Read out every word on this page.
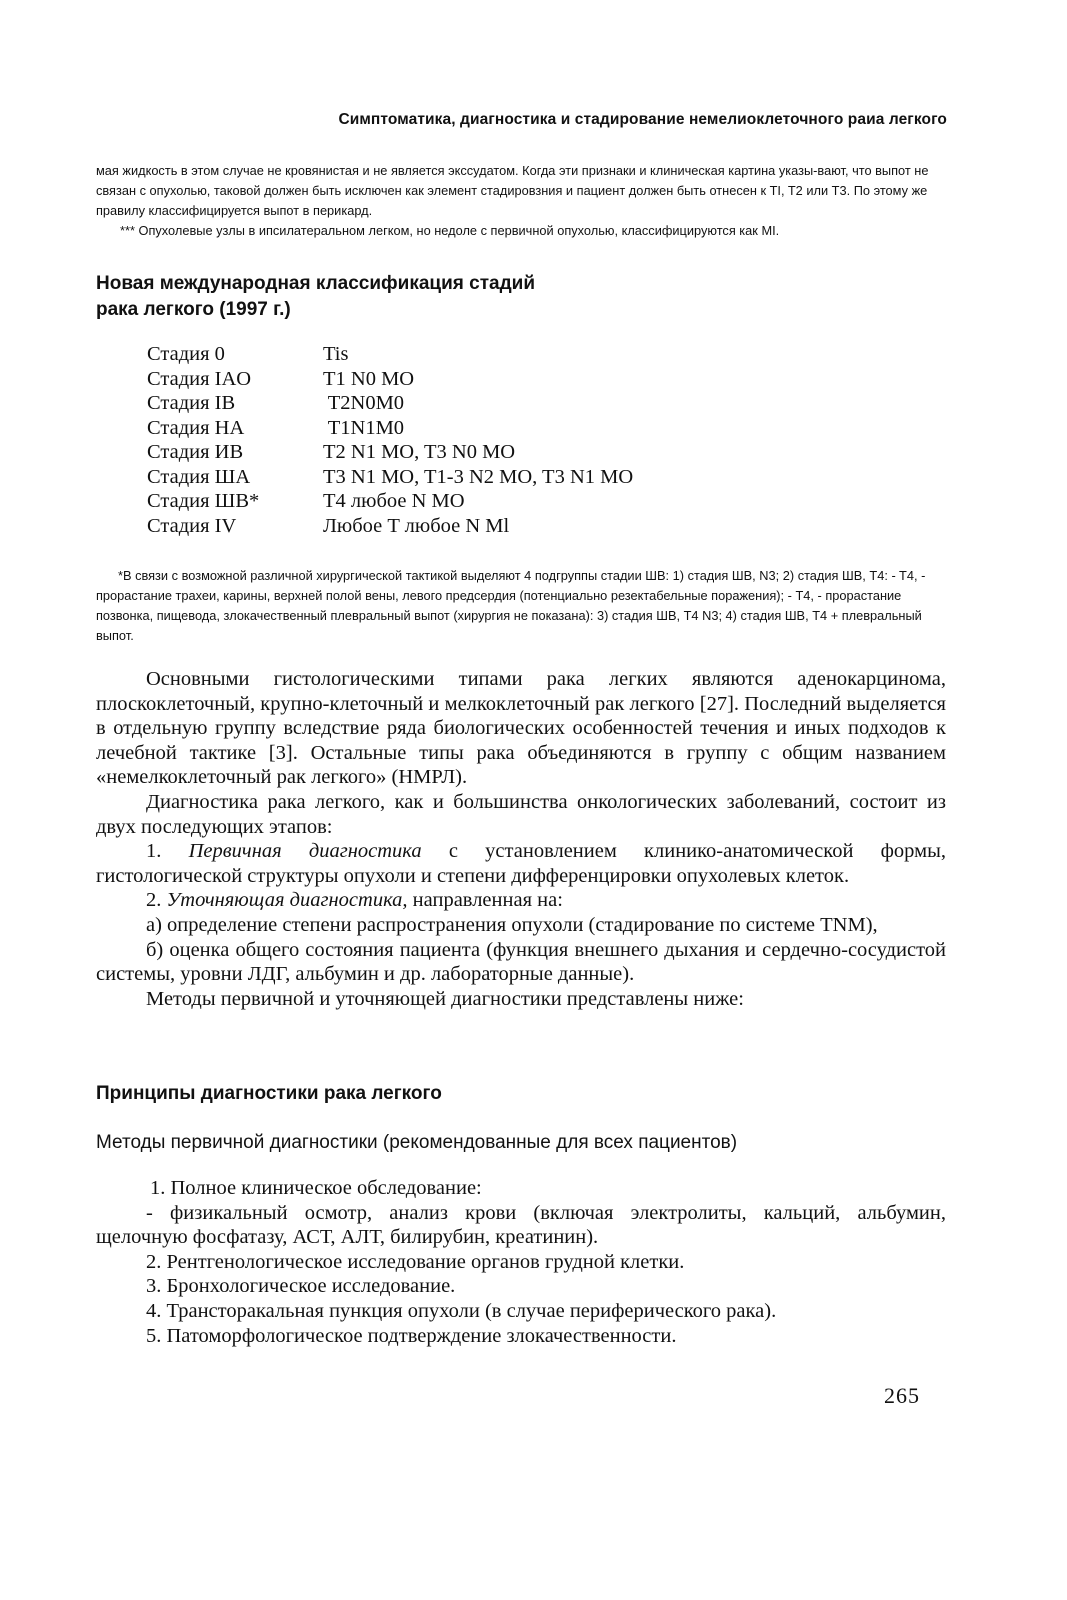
Симптоматика, диагностика и стадирование немелиоклеточного раиа легкого

мая жидкость в этом случае не кровянистая и не является экссудатом. Когда эти признаки и клиническая картина указы-вают, что выпот не связан с опухолью, таковой должен быть исключен как элемент стадировзния и пациент должен быть отнесен к TI, T2 или T3. По этому же правилу классифицируется выпот в перикард.

*** Опухолевые узлы в ипсилатеральном легком, но недоле с первичной опухолью, классифицируются как МI.

Новая международная классификация стадий
рака легкого (1997 г.)
Стадия 0	Tis
Стадия IAO	T1 N0 MO
Стадия IB	T2N0M0
Стадия НА	T1N1M0
Стадия ИВ	T2 N1 MO, T3 N0 MO
Стадия ША	T3 N1 MO, T1-3 N2 MO, T3 N1 MO
Стадия ШВ*	T4 любое N MO
Стадия IV	Любое T любое N Ml

*В связи с возможной различной хирургической тактикой выделяют 4 подгруппы стадии ШВ: 1) стадия ШВ, N3; 2) стадия ШВ, T4: - T4, - прорастание трахеи, карины, верхней полой вены, левого предсердия (потенциально резектабельные поражения); - T4, - прорастание позвонка, пищевода, злокачественный плевральный выпот (хирургия не показана): 3) стадия ШВ, T4 N3; 4) стадия ШВ, T4 + плевральный выпот.

Основными гистологическими типами рака легких являются аденокарцинома, плоскоклеточный, крупно-клеточный и мелкоклеточный рак легкого [27]. Последний выделяется в отдельную группу вследствие ряда биологических особенностей течения и иных подходов к лечебной тактике [3]. Остальные типы рака объединяются в группу с общим названием «немелкоклеточный рак легкого» (НМРЛ).

Диагностика рака легкого, как и большинства онкологических заболеваний, состоит из двух последующих этапов:

1. Первичная диагностика с установлением клинико-анатомической формы, гистологической структуры опухоли и степени дифференцировки опухолевых клеток.

2. Уточняющая диагностика, направленная на:

а) определение степени распространения опухоли (стадирование по системе TNM),

б) оценка общего состояния пациента (функция внешнего дыхания и сердечно-сосудистой системы, уровни ЛДГ, альбумин и др. лабораторные данные).

Методы первичной и уточняющей диагностики представлены ниже:

Принципы диагностики рака легкого
Методы первичной диагностики (рекомендованные для всех пациентов)

1. Полное клиническое обследование:

- физикальный осмотр, анализ крови (включая электролиты, кальций, альбумин, щелочную фосфатазу, АСТ, АЛТ, билирубин, креатинин).

2. Рентгенологическое исследование органов грудной клетки.

3. Бронхологическое исследование.

4. Трансторакальная пункция опухоли (в случае периферического рака).

5. Патоморфологическое подтверждение злокачественности.

265
